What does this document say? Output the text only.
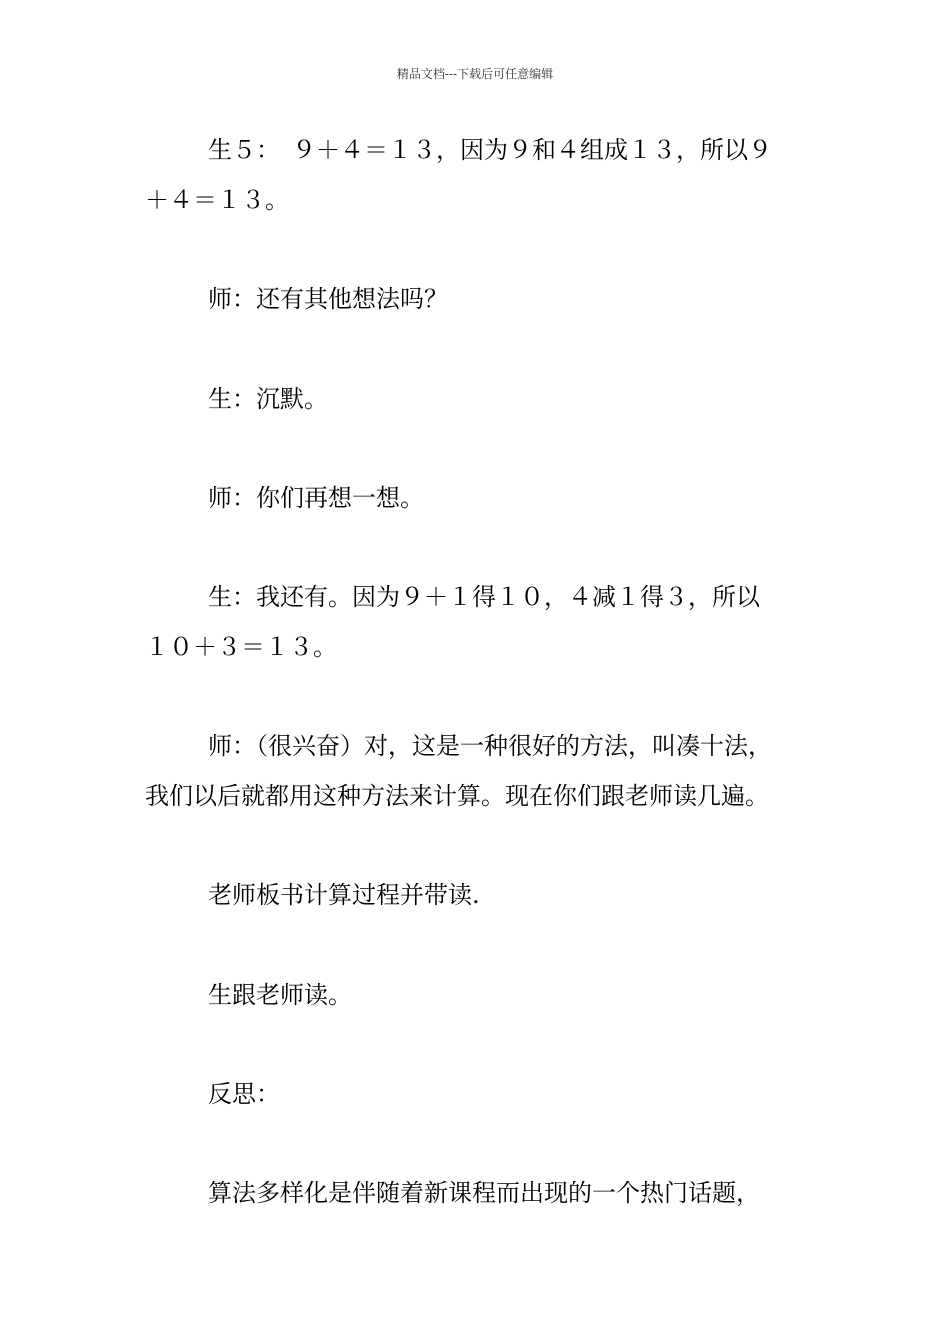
精品文档---下载后可任意编辑
生５：　９＋４＝１３，因为９和４组成１３，所以９
＋４＝１３。
师：还有其他想法吗？
生：沉默。
师：你们再想一想。
生：我还有。因为９＋１得１０，４减１得３，所以
１０＋３＝１３。
师：（很兴奋）对，这是一种很好的方法，叫凑十法，
我们以后就都用这种方法来计算。现在你们跟老师读几遍。
老师板书计算过程并带读.
生跟老师读。
反思：
算法多样化是伴随着新课程而出现的一个热门话题，
